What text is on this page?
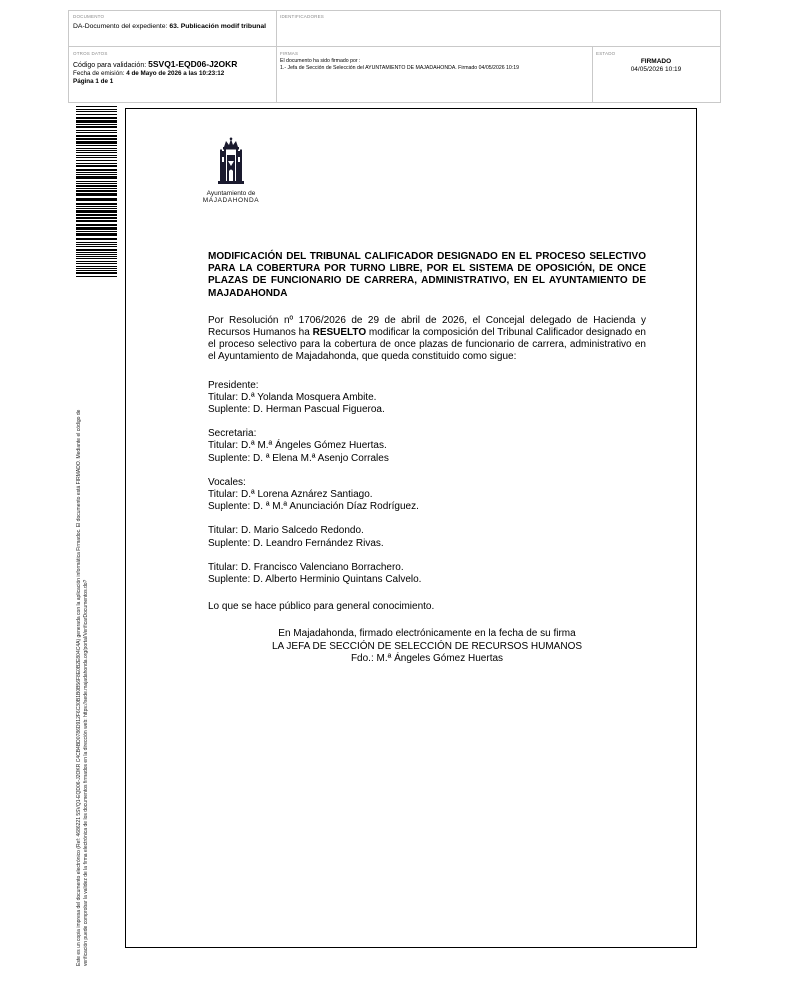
DOCUMENTO
DA-Documento del expediente: 63. Publicación modif tribunal
IDENTIFICADORES
OTROS DATOS
Código para validación: 5SVQ1-EQD06-J2OKR
Fecha de emisión: 4 de Mayo de 2026 a las 10:23:12
Página 1 de 1
FIRMAS
El documento ha sido firmado por :
1.- Jefa de Sección de Selección del AYUNTAMIENTO DE MAJADAHONDA. Firmado 04/05/2026 10:19
ESTADO
FIRMADO
04/05/2026 10:19
Este es un copia impresa del documento electrónico (Ref: 4686221 5SVQ1-EQD06-J2OKR C4CB4BD0786D912F6C30B1B0B56F8E0B2E804C4A) generada con la aplicación informática Firmadoc. El documento está FIRMADO. Mediante el código de verificación puede comprobar la validez de la firma electrónica de los documentos firmados en la dirección web: https://sede.majadahonda.org/portal/VerificarDocumentos.do?
Ayuntamiento de
MAJADAHONDA
MODIFICACIÓN DEL TRIBUNAL CALIFICADOR DESIGNADO EN EL PROCESO SELECTIVO PARA LA COBERTURA POR TURNO LIBRE, POR EL SISTEMA DE OPOSICIÓN, DE ONCE PLAZAS DE FUNCIONARIO DE CARRERA, ADMINISTRATIVO, EN EL AYUNTAMIENTO DE MAJADAHONDA
Por Resolución nº 1706/2026 de 29 de abril de 2026, el Concejal delegado de Hacienda y Recursos Humanos ha RESUELTO modificar la composición del Tribunal Calificador designado en el proceso selectivo para la cobertura de once plazas de funcionario de carrera, administrativo en el Ayuntamiento de Majadahonda, que queda constituido como sigue:
Presidente:
Titular: D.ª Yolanda Mosquera Ambite.
Suplente: D. Herman Pascual Figueroa.
Secretaria:
Titular: D.ª M.ª Ángeles Gómez Huertas.
Suplente: D. ª Elena M.ª Asenjo Corrales
Vocales:
Titular: D.ª Lorena Aznárez Santiago.
Suplente: D. ª M.ª Anunciación Díaz Rodríguez.
Titular: D. Mario Salcedo Redondo.
Suplente: D. Leandro Fernández Rivas.
Titular: D. Francisco Valenciano Borrachero.
Suplente: D. Alberto Herminio Quintans Calvelo.
Lo que se hace público para general conocimiento.
En Majadahonda, firmado electrónicamente en la fecha de su firma
LA JEFA DE SECCIÓN DE SELECCIÓN DE RECURSOS HUMANOS
Fdo.: M.ª Ángeles Gómez Huertas
